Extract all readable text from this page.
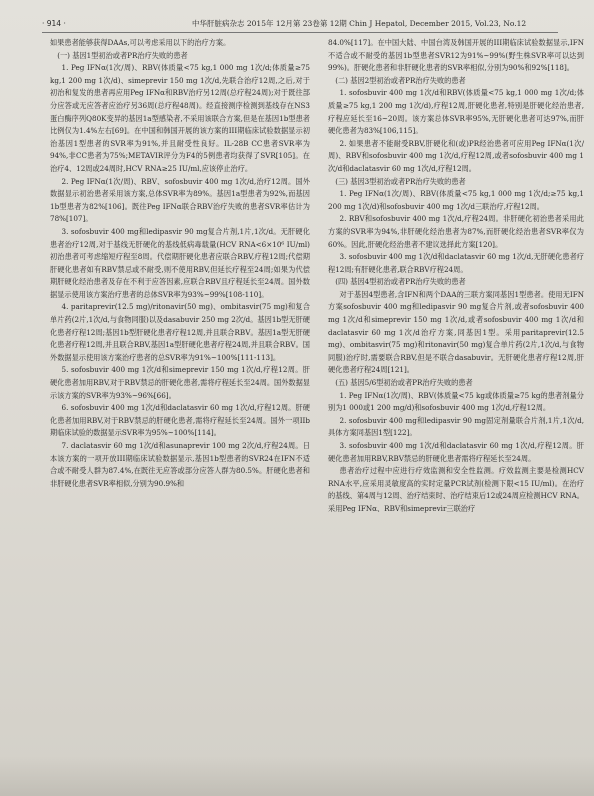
· 914 ·	中华肝脏病杂志 2015年 12月第 23卷第 12期 Chin J Hepatol, December 2015, Vol.23, No.12

如果患者能够获得DAAs,可以考虑采用以下的治疗方案。

(一) 基因1型初治或者PR治疗失败的患者

1. Peg IFNα(1次/周)、RBV(体质量<75 kg,1 000 mg 1次/d;体质量≥75 kg,1 200 mg 1次/d)、simeprevir 150 mg 1次/d,先联合治疗12周,之后,对于初治和复发的患者再应用Peg IFNα和RBV治疗另12周(总疗程24周);对于既往部分应答或无应答者应治疗另36周(总疗程48周)。经直接测序检测到基线存在NS3蛋白酶序列Q80K变异的基因1a型感染者,不采用该联合方案,但是在基因1b型患者比例仅为1.4%左右[69]。在中国和韩国开展的该方案的III期临床试验数据显示初治基因1型患者的SVR率为91%,并且耐受性良好。IL-28B CC患者SVR率为94%,非CC患者为75%;METAVIR评分为F4的5例患者均获得了SVR[105]。在治疗4、12周或24周时,HCV RNA≥25 IU/ml,应该停止治疗。

2. Peg IFNα(1次/周)、RBV、sofosbuvir 400 mg 1次/d,治疗12周。国外数据显示初治患者采用该方案,总体SVR率为89%。基因1a型患者为92%,而基因1b型患者为82%[106]。既往Peg IFNα联合RBV治疗失败的患者SVR率估计为78%[107]。

3. sofosbuvir 400 mg和ledipasvir 90 mg复合片剂,1片,1次/d。无肝硬化患者治疗12周,对于基线无肝硬化的基线低病毒载量(HCV RNA<6×10⁶ IU/ml)初治患者可考虑缩短疗程至8周。代偿期肝硬化患者应联合RBV,疗程12周;代偿期肝硬化患者如有RBV禁忌或不耐受,则不使用RBV,但延长疗程至24周;如果为代偿期肝硬化经治患者及存在不利于应答因素,应联合RBV且疗程延长至24周。国外数据显示使用该方案治疗患者的总体SVR率为93%~99%[108-110]。

4. paritaprevir(12.5 mg)/ritonavir(50 mg)、ombitasvir(75 mg)和复合单片药(2片,1次/d,与食物同服)以及dasabuvir 250 mg 2次/d。基因1b型无肝硬化患者疗程12周;基因1b型肝硬化患者疗程12周,并且联合RBV。基因1a型无肝硬化患者疗程12周,并且联合RBV,基因1a型肝硬化患者疗程24周,并且联合RBV。国外数据显示使用该方案治疗患者的总SVR率为91%~100%[111-113]。

5. sofosbuvir 400 mg 1次/d和simeprevir 150 mg 1次/d,疗程12周。肝硬化患者加用RBV,对于RBV禁忌的肝硬化患者,需将疗程延长至24周。国外数据显示该方案的SVR率为93%~96%[66]。

6. sofosbuvir 400 mg 1次/d和daclatasvir 60 mg 1次/d,疗程12周。肝硬化患者加用RBV,对于RBV禁忌的肝硬化患者,需将疗程延长至24周。国外一项IIb期临床试验的数据显示SVR率为95%~100%[114]。

7. daclatasvir 60 mg 1次/d和asunaprevir 100 mg 2次/d,疗程24周。日本该方案的一项开放III期临床试验数据显示,基因1b型患者的SVR24在IFN不适合或不耐受人群为87.4%,在既往无应答或部分应答人群为80.5%。肝硬化患者和非肝硬化患者SVR率相似,分别为90.9%和

84.0%[117]。在中国大陆、中国台湾及韩国开展的III期临床试验数据显示,IFN不适合或不耐受的基因1b型患者SVR12为91%~99%(野生株SVR率可以达到99%)。肝硬化患者和非肝硬化患者的SVR率相似,分别为90%和92%[118]。

(二) 基因2型初治或者PR治疗失败的患者

1. sofosbuvir 400 mg 1次/d和RBV(体质量<75 kg,1 000 mg 1次/d;体质量≥75 kg,1 200 mg 1次/d),疗程12周,肝硬化患者,特别是肝硬化经治患者,疗程应延长至16~20周。该方案总体SVR率95%,无肝硬化患者可达97%,而肝硬化患者为83%[106,115]。

2. 如果患者不能耐受RBV,肝硬化和(或)PR经治患者可应用Peg IFNα(1次/周)、RBV和sofosbuvir 400 mg 1次/d,疗程12周,或者sofosbuvir 400 mg 1次/d和daclatasvir 60 mg 1次/d,疗程12周。

(三) 基因3型初治或者PR治疗失败的患者

1. Peg IFNα(1次/周)、RBV(体质量<75 kg,1 000 mg 1次/d;≥75 kg,1 200 mg 1次/d)和sofosbuvir 400 mg 1次/d三联治疗,疗程12周。

2. RBV和sofosbuvir 400 mg 1次/d,疗程24周。非肝硬化初治患者采用此方案的SVR率为94%,非肝硬化经治患者为87%,而肝硬化经治患者SVR率仅为60%。因此,肝硬化经治患者不建议选择此方案[120]。

3. sofosbuvir 400 mg 1次/d和daclatasvir 60 mg 1次/d,无肝硬化患者疗程12周;有肝硬化患者,联合RBV疗程24周。

(四) 基因4型初治或者PR治疗失败的患者

对于基因4型患者,含IFN和两个DAA的三联方案同基因1型患者。使用无IFN方案sofosbuvir 400 mg和ledipasvir 90 mg复合片剂,或者sofosbuvir 400 mg 1次/d和simeprevir 150 mg 1次/d,或者sofosbuvir 400 mg 1次/d和daclatasvir 60 mg 1次/d治疗方案,同基因1型。采用paritaprevir(12.5 mg)、ombitasvir(75 mg)和ritonavir(50 mg)复合单片药(2片,1次/d,与食物同服)治疗时,需要联合RBV,但是不联合dasabuvir。无肝硬化患者疗程12周,肝硬化患者疗程24周[121]。

(五) 基因5/6型初治或者PR治疗失败的患者

1. Peg IFNα(1次/周)、RBV(体质量<75 kg或体质量≥75 kg的患者剂量分别为1 000或1 200 mg/d)和sofosbuvir 400 mg 1次/d,疗程12周。

2. sofosbuvir 400 mg和ledipasvir 90 mg固定剂量联合片剂,1片,1次/d,具体方案同基因1型[122]。

3. sofosbuvir 400 mg 1次/d和daclatasvir 60 mg 1次/d,疗程12周。肝硬化患者加用RBV,RBV禁忌的肝硬化患者需将疗程延长至24周。

患者治疗过程中应进行疗效监测和安全性监测。疗效监测主要是检测HCV RNA水平,应采用灵敏度高的实时定量PCR试剂(检测下限<15 IU/ml)。在治疗的基线、第4周与12周、治疗结束时、治疗结束后12或24周应检测HCV RNA。采用Peg IFNα、RBV和simeprevir三联治疗
